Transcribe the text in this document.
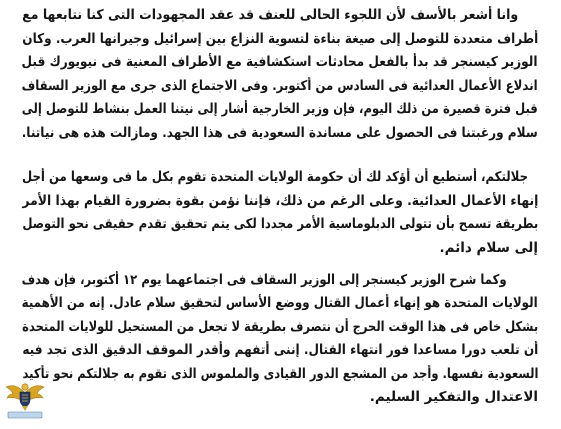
وانا أشعر بالأسف لأن اللجوء الحالى للعنف قد عقد المجهودات التى كنا نتابعها مع
أطراف متعددة للتوصل إلى صيغة بناءة لتسوية النزاع بين إسرائيل وجيرانها العرب. وكان
الوزير كيسنجر قد بدأ بالفعل محادثات استكشافية مع الأطراف المعنية فى نيويورك قبل
اندلاع الأعمال العدائية فى السادس من أكتوبر. وفى الاجتماع الذى جرى مع الوزير السقاف
قبل فترة قصيرة من ذلك اليوم، فإن وزير الخارجية أشار إلى نيتنا العمل بنشاط للتوصل إلى
سلام ورغبتنا فى الحصول على مساندة السعودية فى هذا الجهد. ومازالت هذه هى نياتنا.
جلالتكم، أستطيع أن أؤكد لك أن حكومة الولايات المتحدة تقوم بكل ما فى وسعها من أجل
إنهاء الأعمال العدائية. وعلى الرغم من ذلك، فإننا نؤمن بقوة بضرورة القيام بهذا الأمر
بطريقة تسمح بأن تتولى الدبلوماسية الأمر مجددا لكى يتم تحقيق تقدم حقيقى نحو التوصل
إلى سلام دائم.
وكما شرح الوزير كيسنجر إلى الوزير السقاف فى اجتماعهما يوم ١٢ أكتوبر، فإن هدف
الولايات المتحدة هو إنهاء أعمال القتال ووضع الأساس لتحقيق سلام عادل. إنه من الأهمية
بشكل خاص فى هذا الوقت الحرج أن نتصرف بطريقة لا تجعل من المستحيل للولايات المتحدة
أن تلعب دورا مساعدا فور انتهاء القتال. إننى أتفهم وأقدر الموقف الدقيق الذى تجد فيه
السعودية نفسها. وأجد من المشجع الدور القيادى والملموس الذى تقوم به جلالتكم نحو تأكيد
الاعتدال والتفكير السليم.
